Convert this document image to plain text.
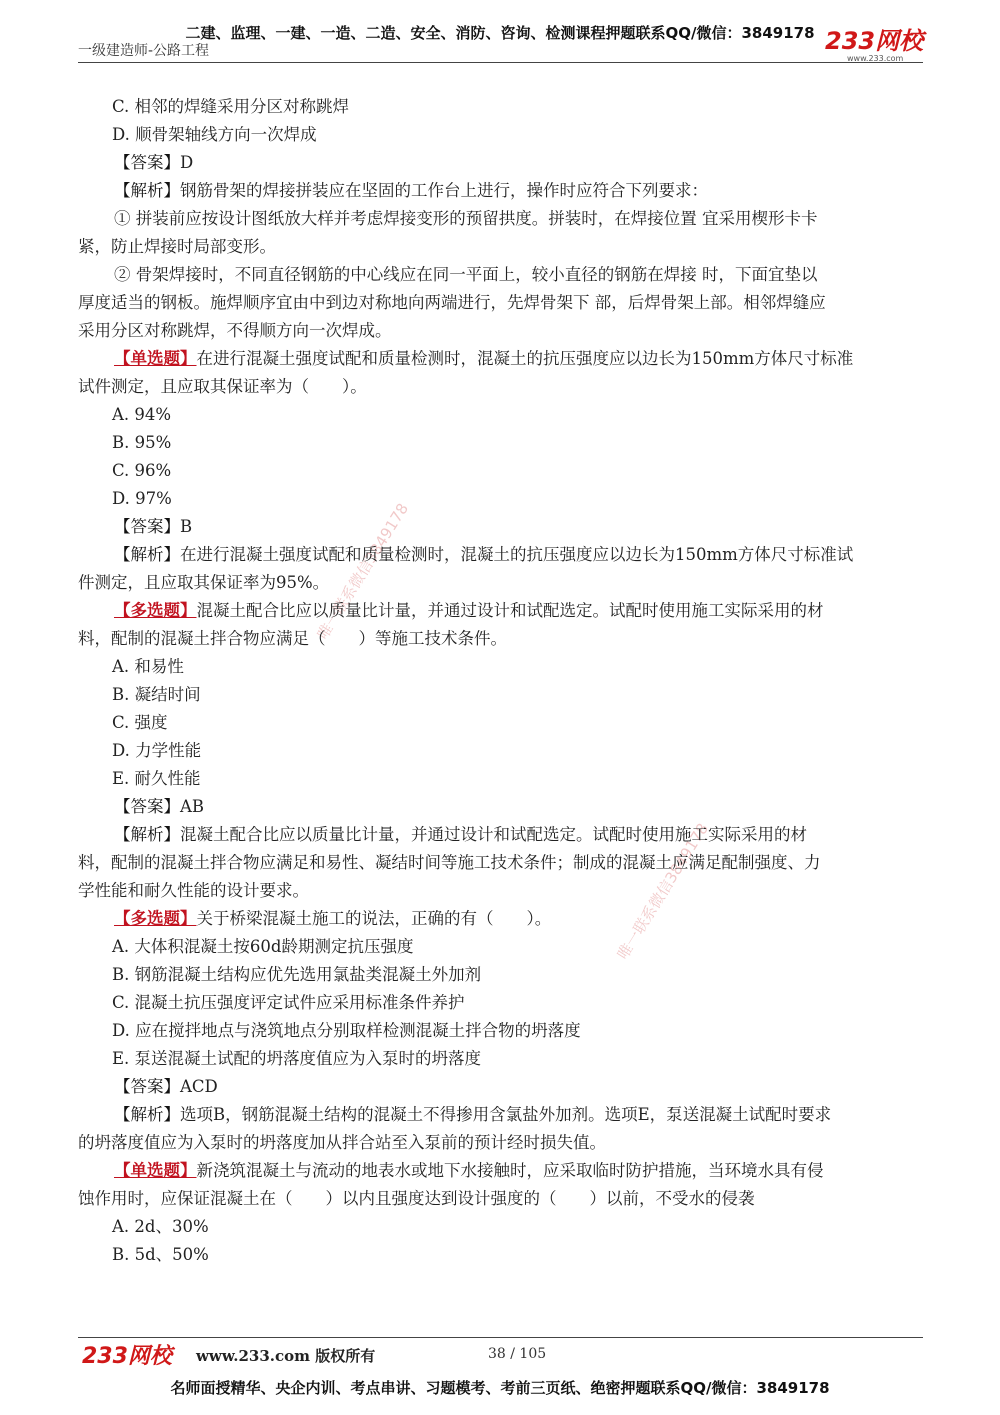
二建、监理、一建、一造、二造、安全、消防、咨询、检测课程押题联系QQ/微信：3849178
一级建造师-公路工程	233网校
www.233.com
唯一联系微信3849178
唯一联系微信3849178
C. 相邻的焊缝采用分区对称跳焊
D. 顺骨架轴线方向一次焊成
【答案】D
【解析】钢筋骨架的焊接拼装应在坚固的工作台上进行，操作时应符合下列要求：
① 拼装前应按设计图纸放大样并考虑焊接变形的预留拱度。拼装时，在焊接位置 宜采用楔形卡卡
紧，防止焊接时局部变形。
② 骨架焊接时，不同直径钢筋的中心线应在同一平面上，较小直径的钢筋在焊接 时，下面宜垫以
厚度适当的钢板。施焊顺序宜由中到边对称地向两端进行，先焊骨架下 部，后焊骨架上部。相邻焊缝应
采用分区对称跳焊，不得顺方向一次焊成。
【单选题】在进行混凝土强度试配和质量检测时，混凝土的抗压强度应以边长为150mm方体尺寸标准
试件测定，且应取其保证率为（　　）。
A. 94%
B. 95%
C. 96%
D. 97%
【答案】B
【解析】在进行混凝土强度试配和质量检测时，混凝土的抗压强度应以边长为150mm方体尺寸标准试
件测定，且应取其保证率为95%。
【多选题】混凝土配合比应以质量比计量，并通过设计和试配选定。试配时使用施工实际采用的材
料，配制的混凝土拌合物应满足（　　）等施工技术条件。
A. 和易性
B. 凝结时间
C. 强度
D. 力学性能
E. 耐久性能
【答案】AB
【解析】混凝土配合比应以质量比计量，并通过设计和试配选定。试配时使用施工实际采用的材
料，配制的混凝土拌合物应满足和易性、凝结时间等施工技术条件；制成的混凝土应满足配制强度、力
学性能和耐久性能的设计要求。
【多选题】关于桥梁混凝土施工的说法，正确的有（　　）。
A. 大体积混凝土按60d龄期测定抗压强度
B. 钢筋混凝土结构应优先选用氯盐类混凝土外加剂
C. 混凝土抗压强度评定试件应采用标准条件养护
D. 应在搅拌地点与浇筑地点分别取样检测混凝土拌合物的坍落度
E. 泵送混凝土试配的坍落度值应为入泵时的坍落度
【答案】ACD
【解析】选项B，钢筋混凝土结构的混凝土不得掺用含氯盐外加剂。选项E，泵送混凝土试配时要求
的坍落度值应为入泵时的坍落度加从拌合站至入泵前的预计经时损失值。
【单选题】新浇筑混凝土与流动的地表水或地下水接触时，应采取临时防护措施，当环境水具有侵
蚀作用时，应保证混凝土在（　　）以内且强度达到设计强度的（　　）以前，不受水的侵袭
A. 2d、30%
B. 5d、50%
233网校 www.233.com 版权所有	38 / 105
名师面授精华、央企内训、考点串讲、习题模考、考前三页纸、绝密押题联系QQ/微信：3849178
